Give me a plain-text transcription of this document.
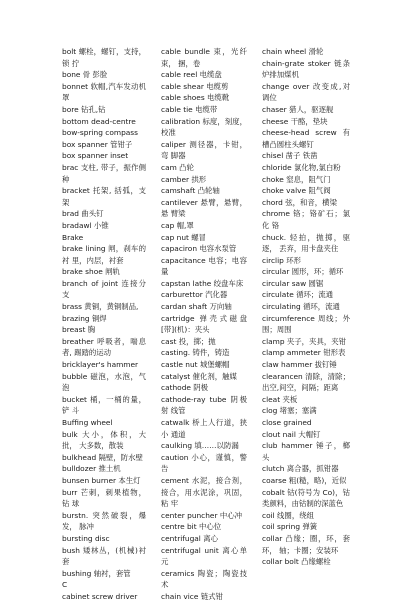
bolt 螺栓，螺钉，支持，锁 拧

bone 骨 彭脸

bonnet 软帽,汽车发动机 罩

bore 钻孔,钻

bottom dead-centre

bow-spring compass

box spanner 管钳子

box spanner inset

brac 支柱, 带子，振作侧 种

bracket 托架, 括弧，支架

brad 曲头钉

bradawl 小锥

Brake

brake lining 闸，刹车的衬 里，内层，衬套

brake shoe 闸轨

branch of joint 连接分支

brass 黄铜，黄铜制品,

brazing 铜焊

breast 胸

breather 呼吸者，喘息者, 踢踏的运动

bricklayer's hammer

bubble 磁泡，水泡，气泡

bucket 桶，一桶的量，铲 斗

Buffing wheel

bulk 大小，体积，大批， 大多数，散装

bulkhead 隔壁，防水壁

bulldozer 推土机

bunsen burner 本生灯

burr 芒刺，刺果植物，钻 球

burstn. 突然破裂，爆发， 脉冲

bursting disc

bush 矮林丛，(机械)衬套

bushing 轴衬，套管

C

cabinet screw driver

cable bundle 束，光纤束， 捆，卷

cable reel 电缆盘

cable shear 电缆剪

cable shoes 电缆靴

cable tie 电缆带

calibration 标度，刻度， 校准

caliper 测径器，卡钳，弯 脚器

cam 凸轮

camber 拱形

camshaft 凸轮轴

cantilever 悬臂，悬臂，悬 臂梁

cap 帽,罩

cap nut 螺冒

capaciron 电容水泵管

capacitance 电容；电容量

capstan lathe 绞盘车床

carburettor 汽化器

cardan shaft 万向轴

cartridge 弹壳式磁盘 [带](机)：夹头

cast 投，掷；抛

casting. 铸件，铸造

castle nut 城堡螺帽

catalyst 催化剂，触媒

cathode 阴极

cathode-ray tube 阴极射 线管

catwalk 桥上人行道，狭小 通道

caulking 填……以防漏

caution 小心，谨慎，警告

cement 水泥，接合剂， 接合，用水泥涂，巩固，粘 牢

center puncher 中心冲

centre bit 中心位

centrifugal 离心

centrifugal unit 离心单元

ceramics 陶瓷；陶瓷技术

chain vice 链式钳

chain wheel 滑轮

chain-grate stoker 链条 炉排加煤机

change over 改变成,对 调位

chaser 猎人，驱逐舰

cheese 干酪，垫块

cheese-head screw 有 槽凸圆柱头螺钉

chisel 凿子 铁凿

chloride 氯化物,氯白粉

choke 窒息，阻气门

choke valve 阻气阀

chord 弦，和音，横梁

chrome 铬；铬矿石；氯化 铬

chuck. 轻拍，抛掷，驱逐， 丢弃，用卡盘夹住

circlip 环形

circular 圆形，环；循环

circular saw 圆锯

circulate 循环；流通

circulating 循环，流通

circumference 周线；外 围；周围

clamp 夹子，夹具，夹钳

clamp ammeter 钳形表

claw hammer 拔钉锤

clearancen 清除，清除； 出空,间空，间隔；距离

cleat 夹板

clog 堵塞；塞满

close grained

clout nail 大帽钉

club hammer 锤子，榔头

clutch 离合器，抓钳器

coarse 粗(糙，略)，近似

cobalt 钴(符号为 Co)，钴 类颜料，由钴制的深蓝色

coil 线圈，绕组

coil spring 弹簧

collar 凸缘；圈，环，套环， 轴；卡圈；安装环

collar bolt 凸缘螺栓
